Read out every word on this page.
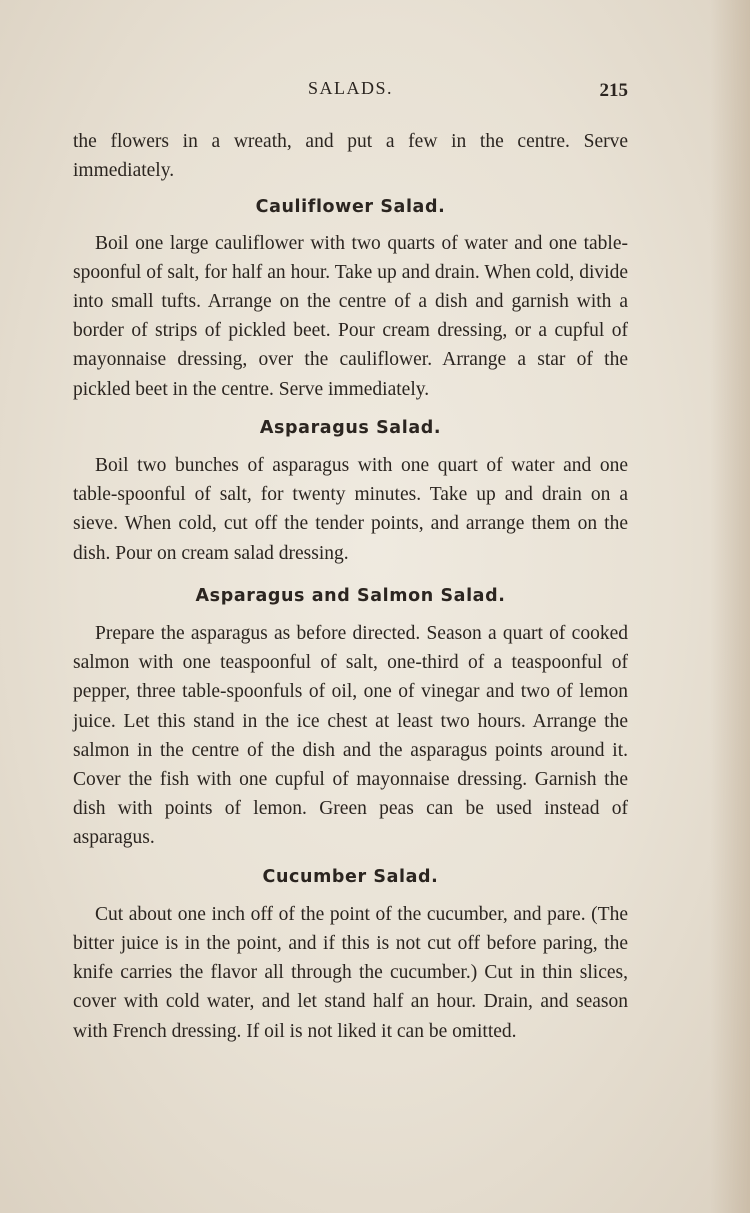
SALADS.	215

the flowers in a wreath, and put a few in the centre. Serve immediately.

Cauliflower Salad.

Boil one large cauliflower with two quarts of water and one table-spoonful of salt, for half an hour. Take up and drain. When cold, divide into small tufts. Arrange on the centre of a dish and garnish with a border of strips of pickled beet. Pour cream dressing, or a cupful of mayonnaise dressing, over the cauliflower. Arrange a star of the pickled beet in the centre. Serve immediately.

Asparagus Salad.

Boil two bunches of asparagus with one quart of water and one table-spoonful of salt, for twenty minutes. Take up and drain on a sieve. When cold, cut off the tender points, and arrange them on the dish. Pour on cream salad dressing.

Asparagus and Salmon Salad.

Prepare the asparagus as before directed. Season a quart of cooked salmon with one teaspoonful of salt, one-third of a teaspoonful of pepper, three table-spoonfuls of oil, one of vinegar and two of lemon juice. Let this stand in the ice chest at least two hours. Arrange the salmon in the centre of the dish and the asparagus points around it. Cover the fish with one cupful of mayonnaise dressing. Garnish the dish with points of lemon. Green peas can be used instead of asparagus.

Cucumber Salad.

Cut about one inch off of the point of the cucumber, and pare. (The bitter juice is in the point, and if this is not cut off before paring, the knife carries the flavor all through the cucumber.) Cut in thin slices, cover with cold water, and let stand half an hour. Drain, and season with French dressing. If oil is not liked it can be omitted.
